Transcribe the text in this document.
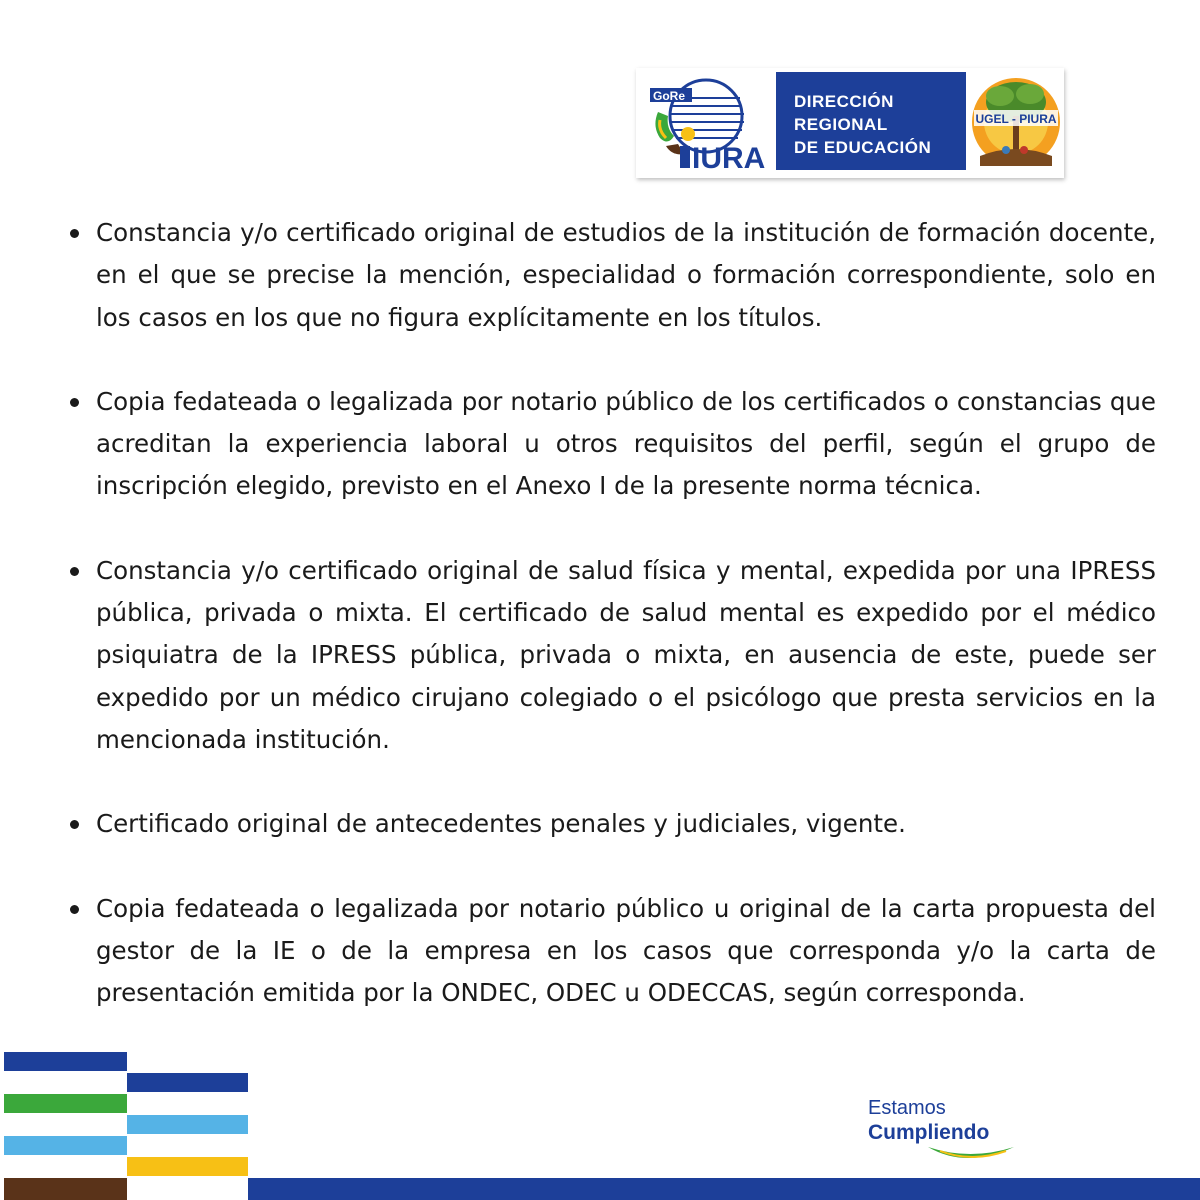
GoRe
IURA
DIRECCIÓN
REGIONAL
DE EDUCACIÓN
UGEL - PIURA
Constancia y/o certificado original de estudios de la institución de formación docente, en el que se precise la mención, especialidad o formación correspondiente, solo en los casos en los que no figura explícitamente en los títulos.
Copia fedateada o legalizada por notario público de los certificados o constancias que acreditan la experiencia laboral u otros requisitos del perfil, según el grupo de inscripción elegido, previsto en el Anexo I de la presente norma técnica.
Constancia y/o certificado original de salud física y mental, expedida por una IPRESS pública, privada o mixta. El certificado de salud mental es expedido por el médico psiquiatra de la IPRESS pública, privada o mixta, en ausencia de este, puede ser expedido por un médico cirujano colegiado o el psicólogo que presta servicios en la mencionada institución.
Certificado original de antecedentes penales y judiciales, vigente.
Copia fedateada o legalizada por notario público u original de la carta propuesta del gestor de la IE o de la empresa en los casos que corresponda y/o la carta de presentación emitida por la ONDEC, ODEC u ODECCAS, según corresponda.
Estamos
Cumpliendo
